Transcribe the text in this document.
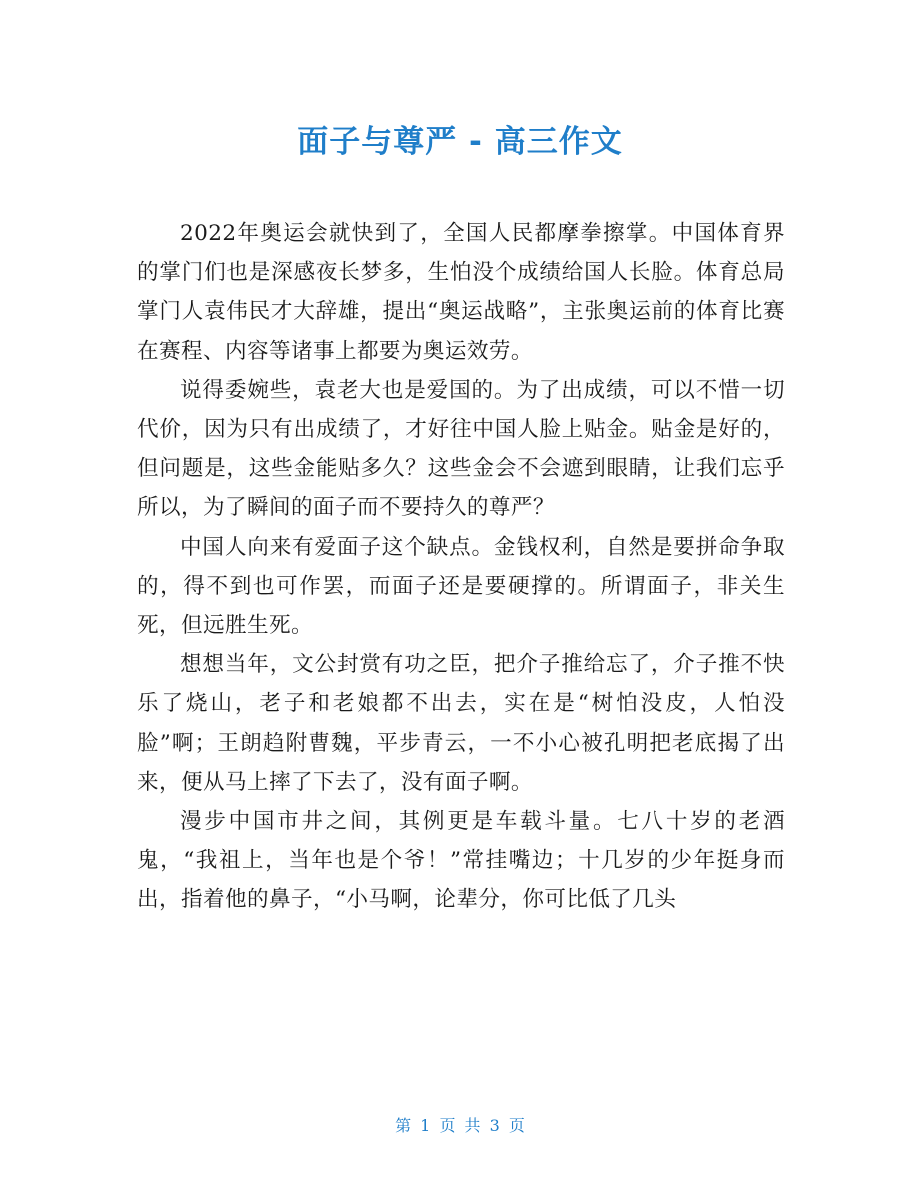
面子与尊严 - 高三作文

2022年奥运会就快到了，全国人民都摩拳擦掌。中国体育界的掌门们也是深感夜长梦多，生怕没个成绩给国人长脸。体育总局掌门人袁伟民才大辞雄，提出“奥运战略”，主张奥运前的体育比赛在赛程、内容等诸事上都要为奥运效劳。

说得委婉些，袁老大也是爱国的。为了出成绩，可以不惜一切代价，因为只有出成绩了，才好往中国人脸上贴金。贴金是好的，但问题是，这些金能贴多久？这些金会不会遮到眼睛，让我们忘乎所以，为了瞬间的面子而不要持久的尊严？

中国人向来有爱面子这个缺点。金钱权利，自然是要拼命争取的，得不到也可作罢，而面子还是要硬撑的。所谓面子，非关生死，但远胜生死。

想想当年，文公封赏有功之臣，把介子推给忘了，介子推不快乐了烧山，老子和老娘都不出去，实在是“树怕没皮，人怕没脸”啊；王朗趋附曹魏，平步青云，一不小心被孔明把老底揭了出来，便从马上摔了下去了，没有面子啊。

漫步中国市井之间，其例更是车载斗量。七八十岁的老酒鬼，“我祖上，当年也是个爷！”常挂嘴边；十几岁的少年挺身而出，指着他的鼻子，“小马啊，论辈分，你可比低了几头

第 1 页 共 3 页
